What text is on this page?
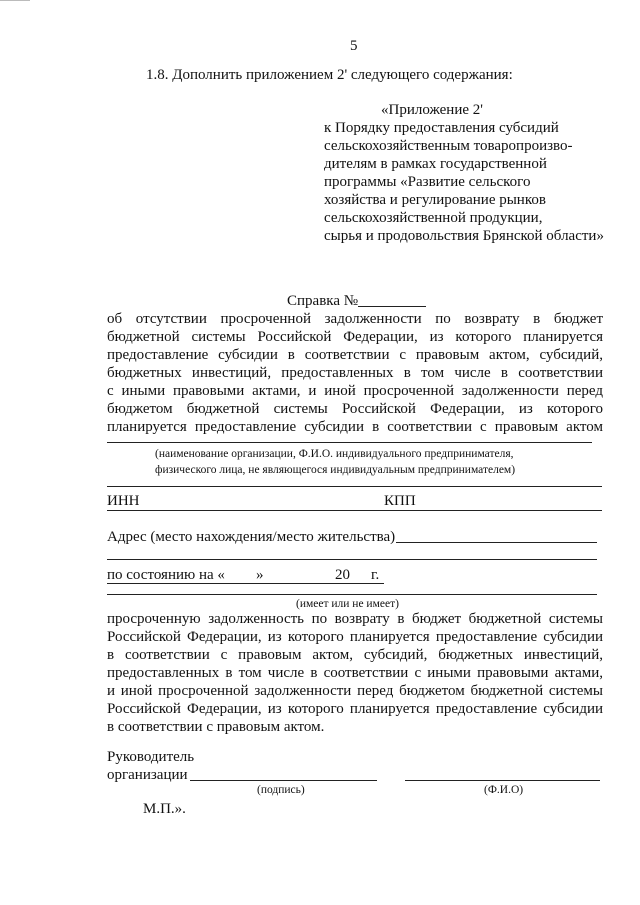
5
1.8. Дополнить приложением 2' следующего содержания:
«Приложение 2'
к Порядку предоставления субсидий
сельскохозяйственным товаропроизво-
дителям в рамках государственной
программы «Развитие сельского
хозяйства и регулирование рынков
сельскохозяйственной продукции,
сырья и продовольствия Брянской области»
Справка №
об отсутствии просроченной задолженности по возврату в бюджет
бюджетной системы Российской Федерации, из которого планируется
предоставление субсидии в соответствии с правовым актом, субсидий,
бюджетных инвестиций, предоставленных в том числе в соответствии
с иными правовыми актами, и иной просроченной задолженности перед
бюджетом бюджетной системы Российской Федерации, из которого
планируется предоставление субсидии в соответствии с правовым актом
(наименование организации, Ф.И.О. индивидуального предпринимателя,
физического лица, не являющегося индивидуальным предпринимателем)
ИНН	КПП
Адрес (место нахождения/место жительства)
по состоянию на « »	20 г.
(имеет или не имеет)
просроченную задолженность по возврату в бюджет бюджетной системы
Российской Федерации, из которого планируется предоставление субсидии
в соответствии с правовым актом, субсидий, бюджетных инвестиций,
предоставленных в том числе в соответствии с иными правовыми актами,
и иной просроченной задолженности перед бюджетом бюджетной системы
Российской Федерации, из которого планируется предоставление субсидии
в соответствии с правовым актом.
Руководитель
организации
(подпись)	(Ф.И.О)
М.П.».
